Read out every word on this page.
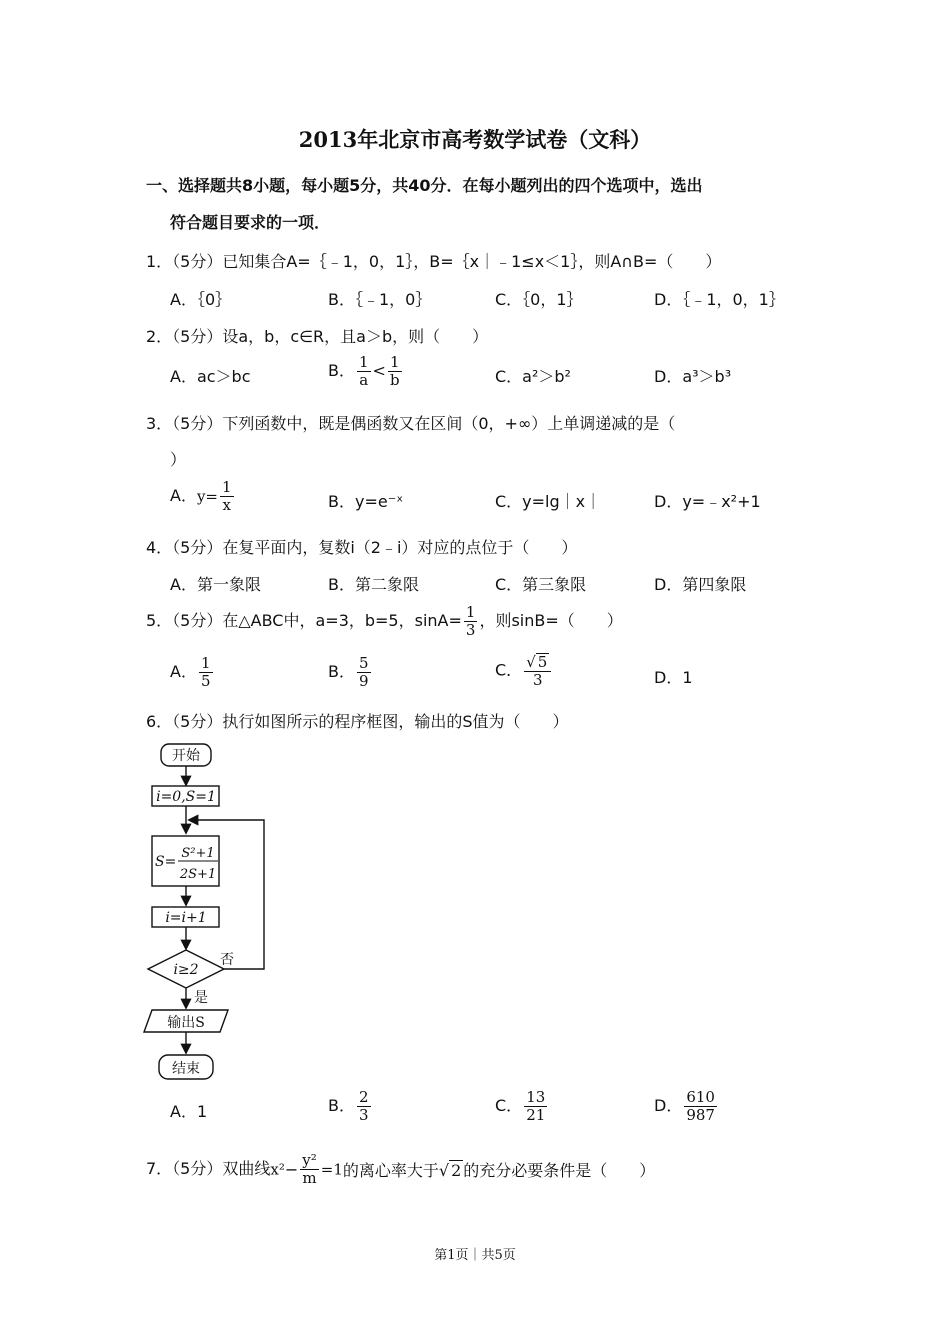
2013年北京市高考数学试卷（文科）
一、选择题共8小题，每小题5分，共40分．在每小题列出的四个选项中，选出
符合题目要求的一项．
1．（5分）已知集合A=｛﹣1，0，1｝，B=｛x｜﹣1≤x＜1｝，则A∩B=（　　）
A．｛0｝	B．｛﹣1，0｝	C．｛0，1｝	D．｛﹣1，0，1｝
2．（5分）设a，b，c∈R，且a＞b，则（　　）
A．ac＞bc	B． $\frac{1}{a} < \frac{1}{b}$	C．a²＞b²	D．a³＞b³
3．（5分）下列函数中，既是偶函数又在区间（0，+∞）上单调递减的是（
）
A．$y= \frac{1}{x}$	B．y=e⁻ˣ	C．y=lg｜x｜	D．y=﹣x²+1
4．（5分）在复平面内，复数i（2﹣i）对应的点位于（　　）
A．第一象限	B．第二象限	C．第三象限	D．第四象限
5．（5分）在△ABC中，a=3，b=5，$\sin A= \frac{1}{3}$ ，则sinB=（　　）
A． $\frac{1}{5}$	B． $\frac{5}{9}$	C． $\frac{√ 5}{3}$	D．1
6．（5分）执行如图所示的程序框图，输出的S值为（　　）
开始
i=0,S=1
S=
S²+1
2S+1
i=i+1
i≥2
否
是
输出S
结束
A．1	B． $\frac{2}{3}$	C． $\frac{13}{21}$	D． $\frac{610}{987}$
7．（5分）双曲线$x^2- \frac{\text{y²}}{m} =1$的离心率大于√ 2 的充分必要条件是（　　）
第1页｜共5页
